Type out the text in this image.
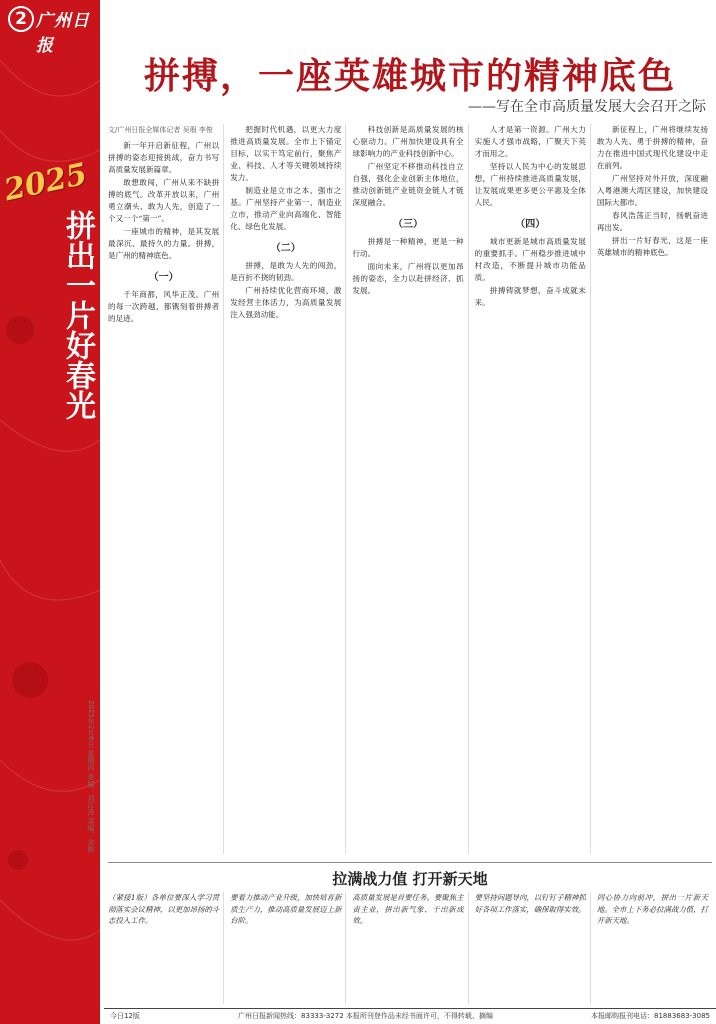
2 广州日报
2025
拼出一片好春光
2025年2月6日 星期四 责编：刘江涛 美编：余敏
拼搏，一座英雄城市的精神底色
——写在全市高质量发展大会召开之际
文/广州日报全媒体记者 吴瑕 李俊

新一年开启新征程，广州以拼搏的姿态迎接挑战，奋力书写高质量发展新篇章。

敢想敢闯，广州从来不缺拼搏的底气。改革开放以来，广州勇立潮头、敢为人先，创造了一个又一个“第一”。

一座城市的精神，是其发展最深沉、最持久的力量。拼搏，是广州的精神底色。

（一）

千年商都，风华正茂。广州的每一次跨越，都镌刻着拼搏者的足迹。

把握时代机遇，以更大力度推进高质量发展。全市上下锚定目标，以实干笃定前行，聚焦产业、科技、人才等关键领域持续发力。

制造业是立市之本、强市之基。广州坚持产业第一、制造业立市，推动产业向高端化、智能化、绿色化发展。

（二）

拼搏，是敢为人先的闯劲，是百折不挠的韧劲。

广州持续优化营商环境，激发经营主体活力，为高质量发展注入强劲动能。

科技创新是高质量发展的核心驱动力。广州加快建设具有全球影响力的产业科技创新中心。

广州坚定不移推动科技自立自强，强化企业创新主体地位，推动创新链产业链资金链人才链深度融合。

（三）

拼搏是一种精神，更是一种行动。

面向未来，广州将以更加昂扬的姿态，全力以赴拼经济、抓发展。

人才是第一资源。广州大力实施人才强市战略，广聚天下英才而用之。

坚持以人民为中心的发展思想，广州持续推进高质量发展，让发展成果更多更公平惠及全体人民。

（四）

城市更新是城市高质量发展的重要抓手。广州稳步推进城中村改造，不断提升城市功能品质。

拼搏铸就梦想，奋斗成就未来。

新征程上，广州将继续发扬敢为人先、勇于拼搏的精神，奋力在推进中国式现代化建设中走在前列。

广州坚持对外开放，深度融入粤港澳大湾区建设，加快建设国际大都市。

春风浩荡正当时，扬帆奋进再出发。

拼出一片好春光，这是一座英雄城市的精神底色。

拉满战力值 打开新天地
（紧接1版）各单位要深入学习贯彻落实会议精神，以更加昂扬的斗志投入工作。
要着力推动产业升级，加快培育新质生产力，推动高质量发展迈上新台阶。
高质量发展是首要任务。要聚焦主责主业，拼出新气象、干出新成效。
要坚持问题导向，以钉钉子精神抓好各项工作落实，确保取得实效。
同心协力向前冲，拼出一片新天地。全市上下务必拉满战力值，打开新天地。
今日12版	广州日报新闻热线：83333-3272 本报所刊登作品未经书面许可，不得转载、摘编	本报邮购报刊电话：81883683-3085
